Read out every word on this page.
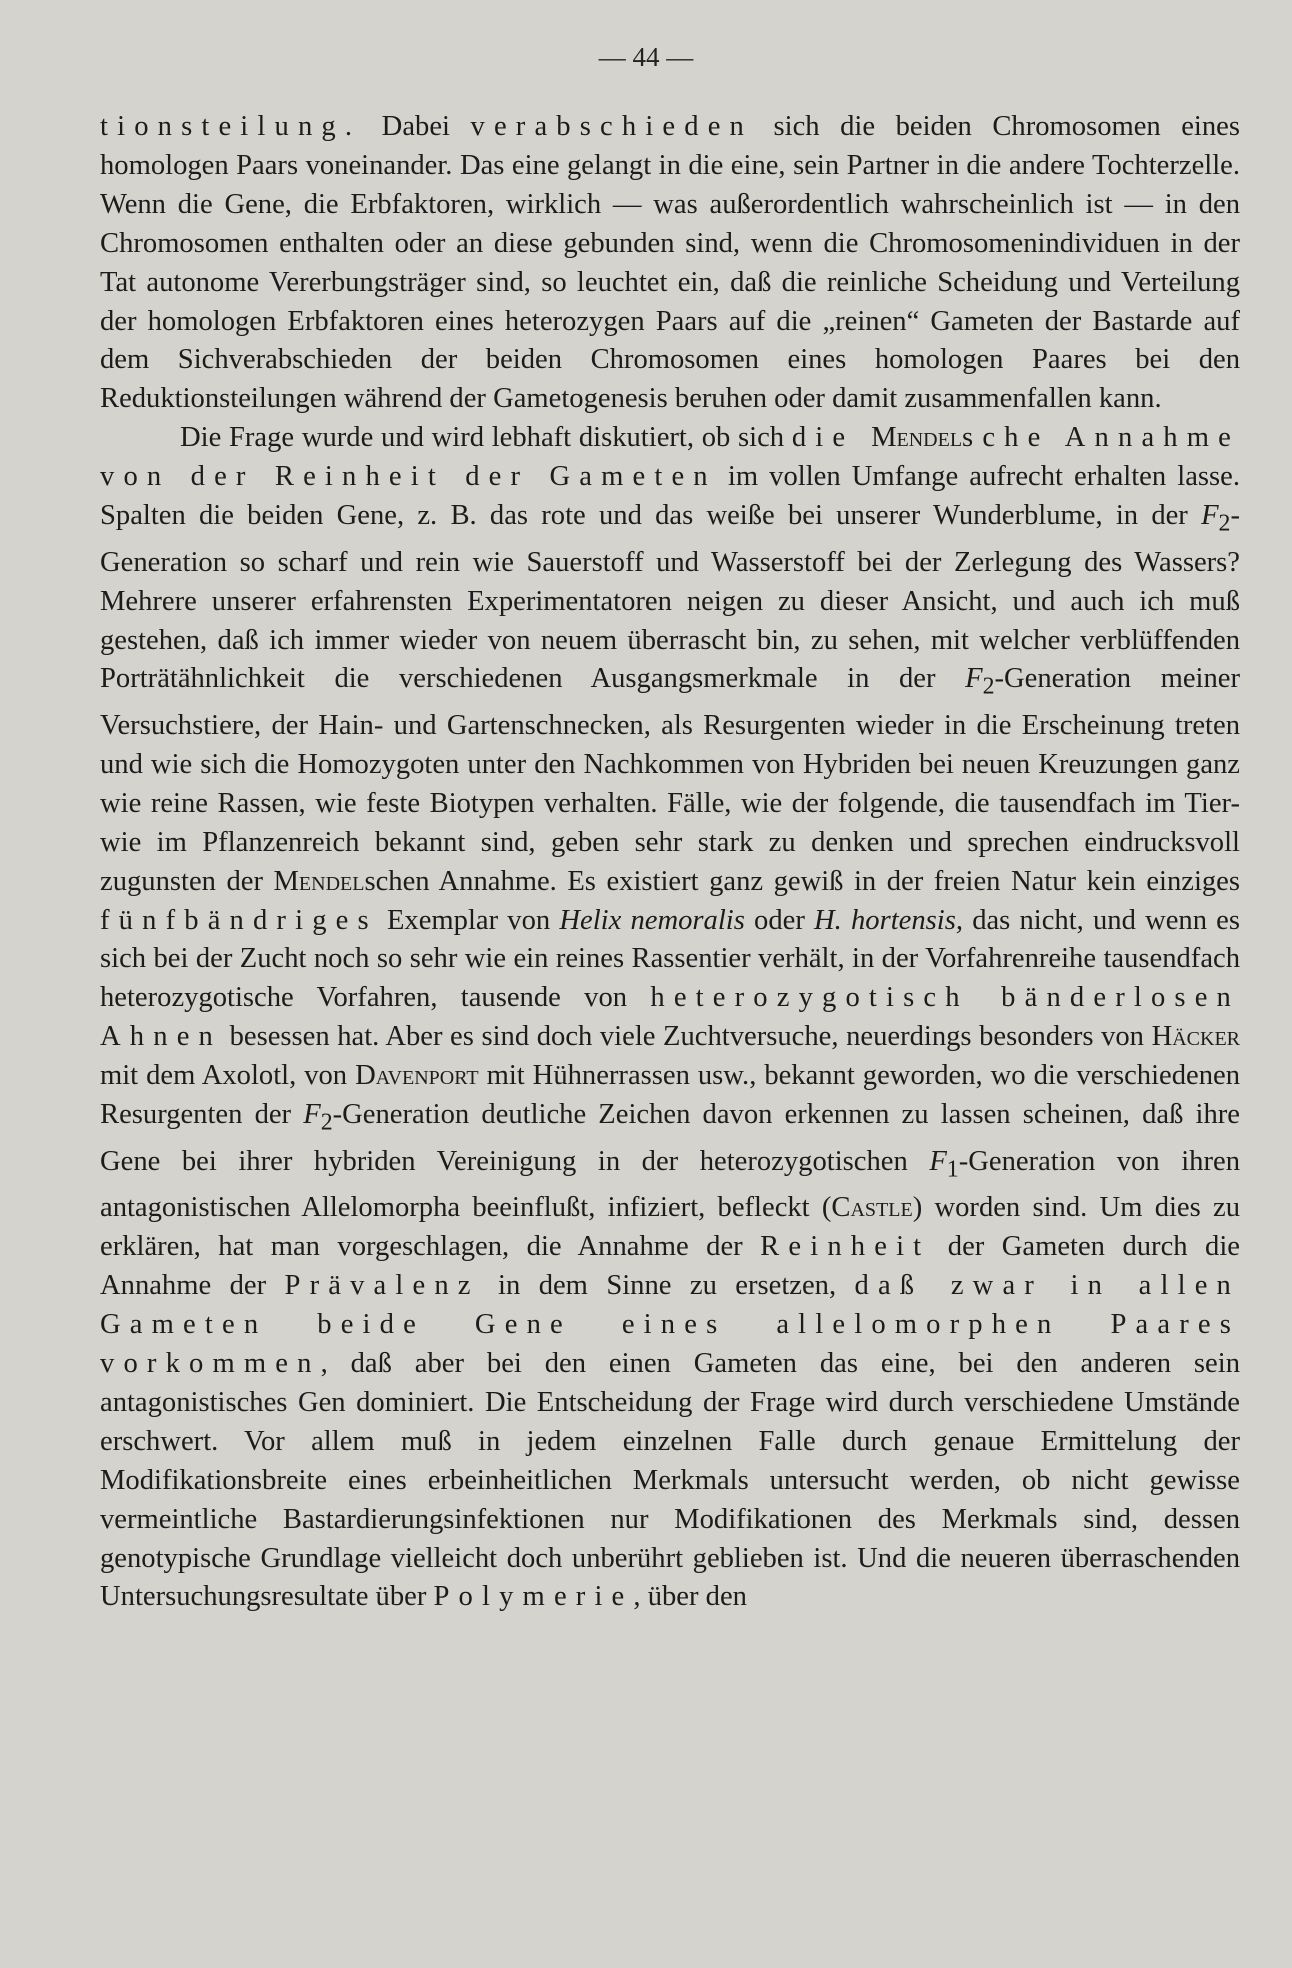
— 44 —

tionsteilung. Dabei verabschieden sich die beiden Chromosomen eines homologen Paars voneinander. Das eine gelangt in die eine, sein Partner in die andere Tochterzelle. Wenn die Gene, die Erbfaktoren, wirklich — was außerordentlich wahrscheinlich ist — in den Chromosomen enthalten oder an diese gebunden sind, wenn die Chromosomenindividuen in der Tat autonome Vererbungsträger sind, so leuchtet ein, daß die reinliche Scheidung und Verteilung der homologen Erbfaktoren eines heterozygen Paars auf die „reinen“ Gameten der Bastarde auf dem Sichverabschieden der beiden Chromosomen eines homologen Paares bei den Reduktionsteilungen während der Gametogenesis beruhen oder damit zusammenfallen kann.

Die Frage wurde und wird lebhaft diskutiert, ob sich die Mendelsche Annahme von der Reinheit der Gameten im vollen Umfange aufrecht erhalten lasse. Spalten die beiden Gene, z. B. das rote und das weiße bei unserer Wunderblume, in der $F_2$-Generation so scharf und rein wie Sauerstoff und Wasserstoff bei der Zerlegung des Wassers? Mehrere unserer erfahrensten Experimentatoren neigen zu dieser Ansicht, und auch ich muß gestehen, daß ich immer wieder von neuem überrascht bin, zu sehen, mit welcher verblüffenden Porträtähnlichkeit die verschiedenen Ausgangsmerkmale in der $F_2$-Generation meiner Versuchstiere, der Hain- und Gartenschnecken, als Resurgenten wieder in die Erscheinung treten und wie sich die Homozygoten unter den Nachkommen von Hybriden bei neuen Kreuzungen ganz wie reine Rassen, wie feste Biotypen verhalten. Fälle, wie der folgende, die tausendfach im Tier- wie im Pflanzenreich bekannt sind, geben sehr stark zu denken und sprechen eindrucksvoll zugunsten der Mendelschen Annahme. Es existiert ganz gewiß in der freien Natur kein einziges fünfbändriges Exemplar von Helix nemoralis oder H. hortensis, das nicht, und wenn es sich bei der Zucht noch so sehr wie ein reines Rassentier verhält, in der Vorfahrenreihe tausendfach heterozygotische Vorfahren, tausende von heterozygotisch bänderlosen Ahnen besessen hat. Aber es sind doch viele Zuchtversuche, neuerdings besonders von Häcker mit dem Axolotl, von Davenport mit Hühnerrassen usw., bekannt geworden, wo die verschiedenen Resurgenten der $F_2$-Generation deutliche Zeichen davon erkennen zu lassen scheinen, daß ihre Gene bei ihrer hybriden Vereinigung in der heterozygotischen $F_1$-Generation von ihren antagonistischen Allelomorpha beeinflußt, infiziert, befleckt (Castle) worden sind. Um dies zu erklären, hat man vorgeschlagen, die Annahme der Reinheit der Gameten durch die Annahme der Prävalenz in dem Sinne zu ersetzen, daß zwar in allen Gameten beide Gene eines allelomorphen Paares vorkommen, daß aber bei den einen Gameten das eine, bei den anderen sein antagonistisches Gen dominiert. Die Entscheidung der Frage wird durch verschiedene Umstände erschwert. Vor allem muß in jedem einzelnen Falle durch genaue Ermittelung der Modifikationsbreite eines erbeinheitlichen Merkmals untersucht werden, ob nicht gewisse vermeintliche Bastardierungsinfektionen nur Modifikationen des Merkmals sind, dessen genotypische Grundlage vielleicht doch unberührt geblieben ist. Und die neueren überraschenden Untersuchungsresultate über Polymerie, über den
